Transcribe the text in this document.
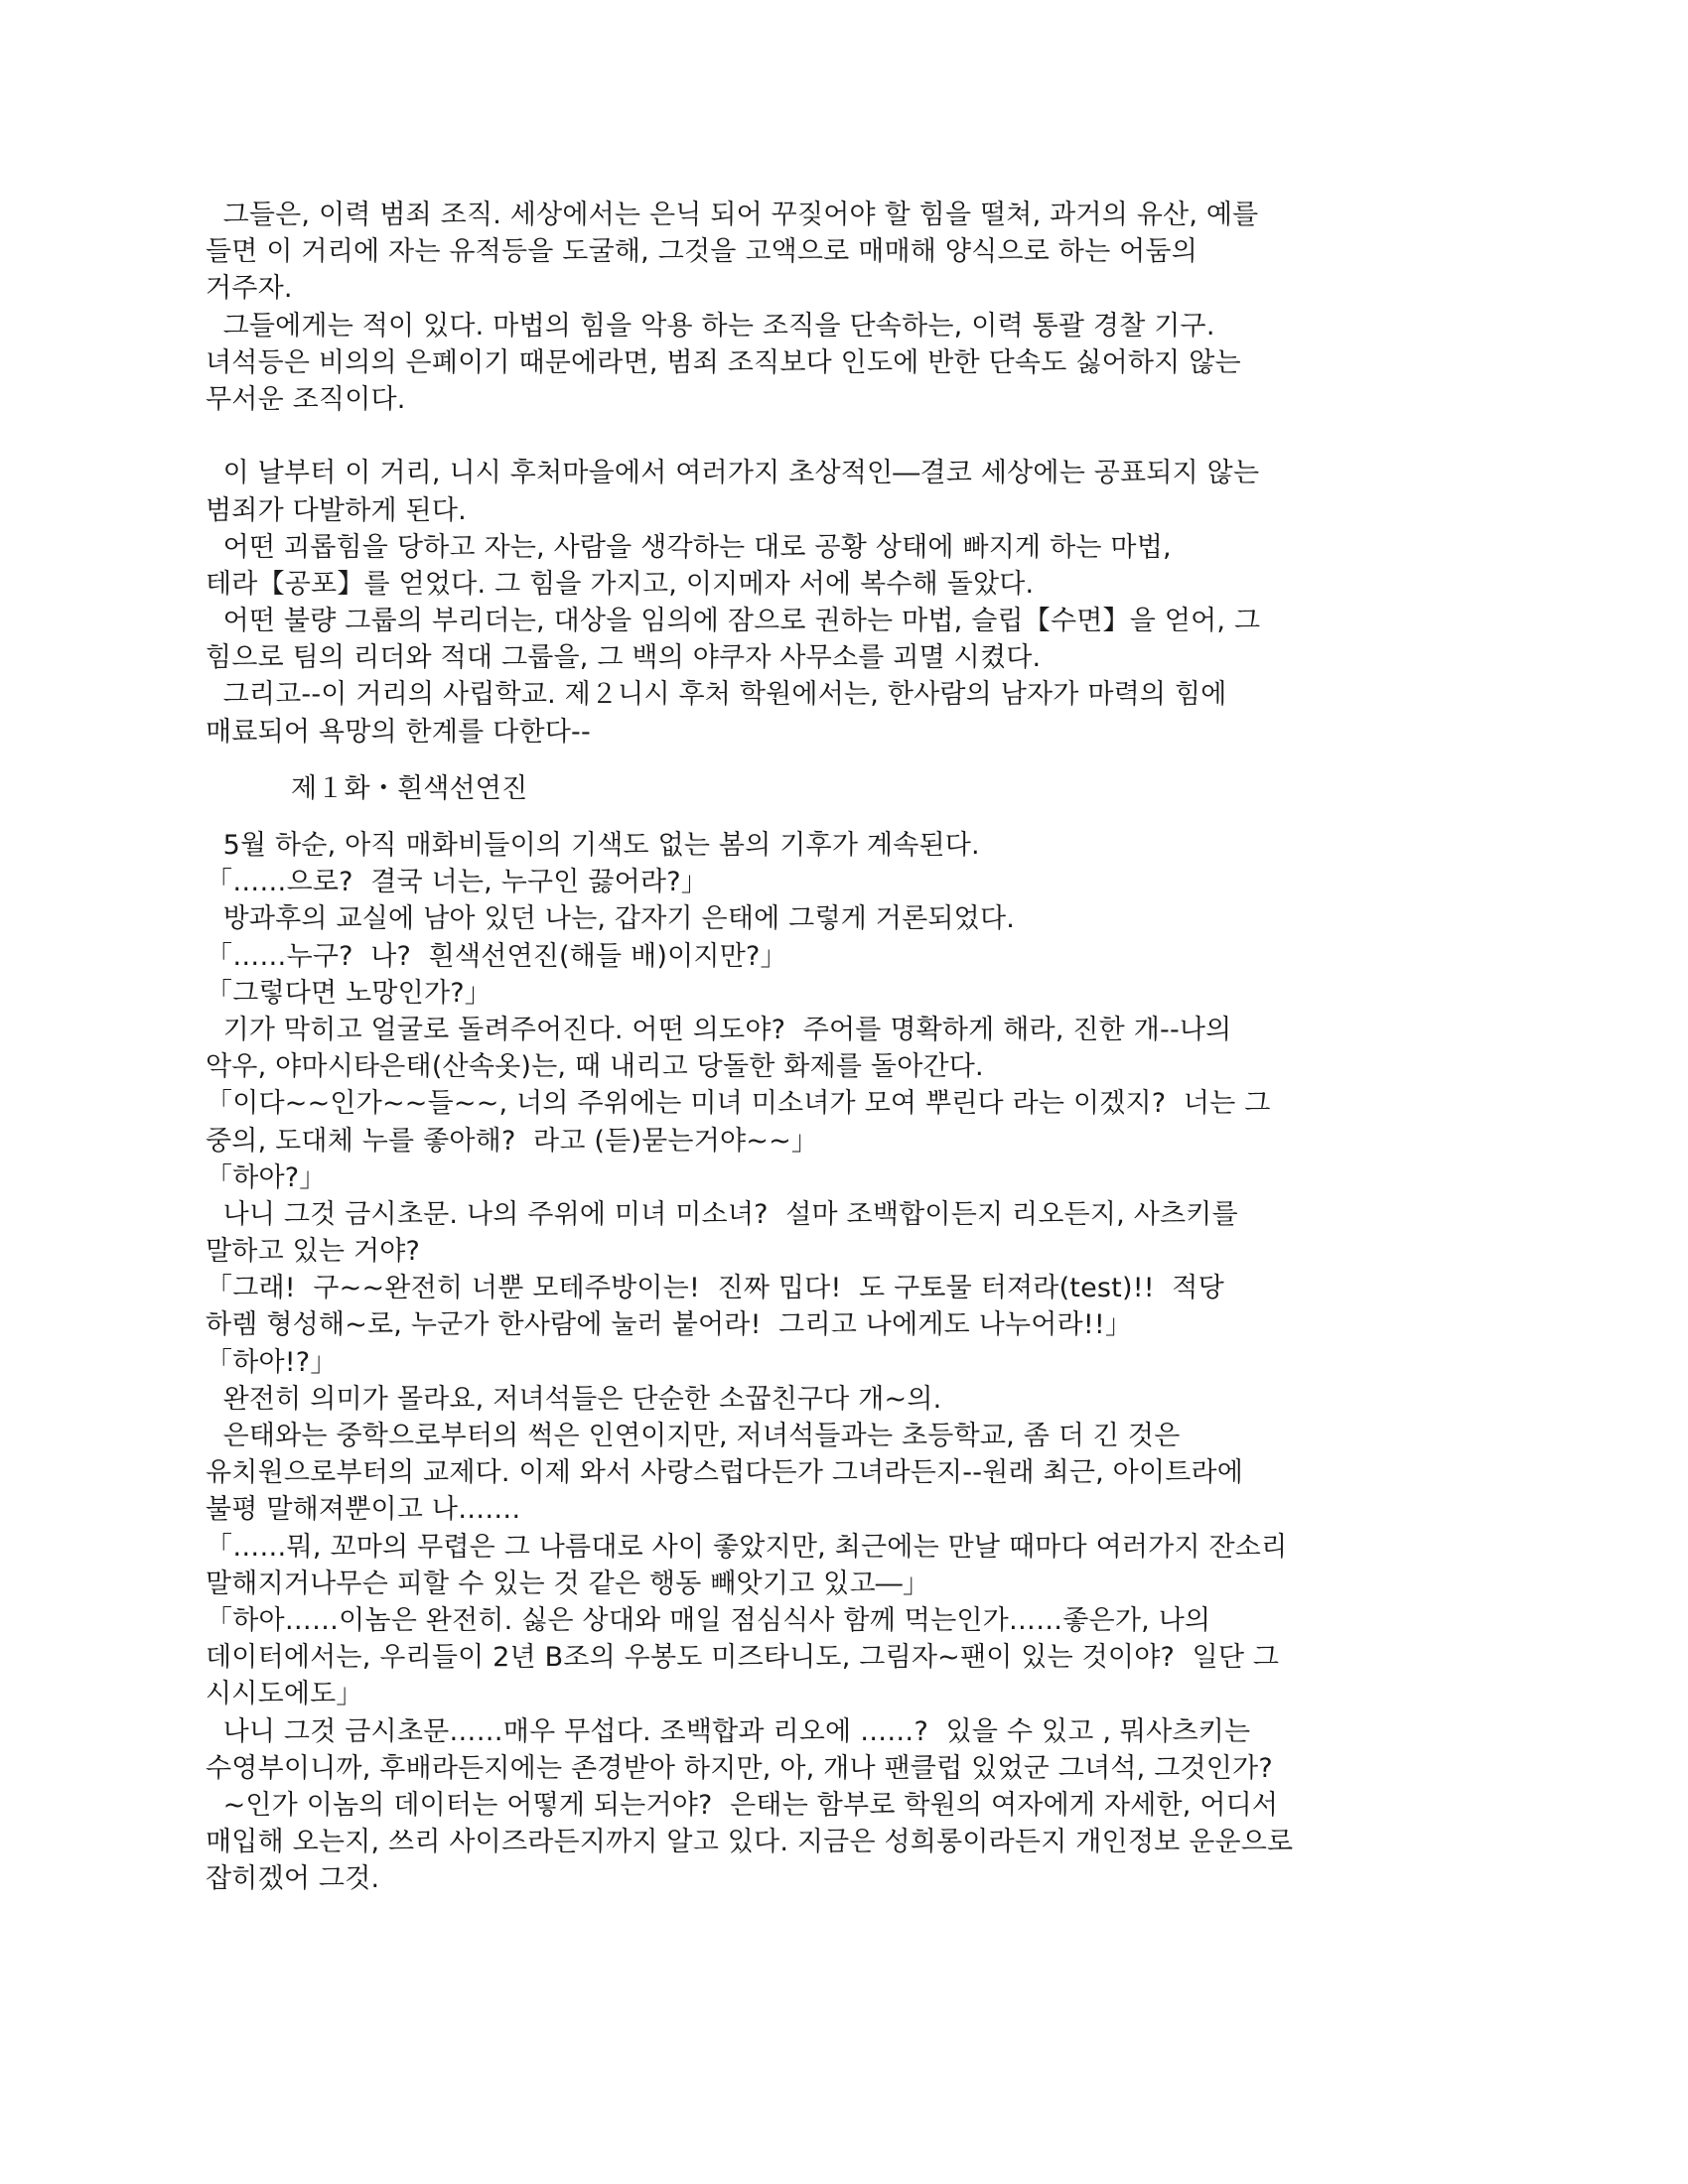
그들은, 이력 범죄 조직. 세상에서는 은닉 되어 꾸짖어야 할 힘을 떨쳐, 과거의 유산, 예를
들면 이 거리에 자는 유적등을 도굴해, 그것을 고액으로 매매해 양식으로 하는 어둠의
거주자.
그들에게는 적이 있다. 마법의 힘을 악용 하는 조직을 단속하는, 이력 통괄 경찰 기구.
녀석등은 비의의 은폐이기 때문에라면, 범죄 조직보다 인도에 반한 단속도 싫어하지 않는
무서운 조직이다.
이 날부터 이 거리, 니시 후처마을에서 여러가지 초상적인―결코 세상에는 공표되지 않는
범죄가 다발하게 된다.
어떤 괴롭힘을 당하고 자는, 사람을 생각하는 대로 공황 상태에 빠지게 하는 마법,
테라【공포】를 얻었다. 그 힘을 가지고, 이지메자 서에 복수해 돌았다.
어떤 불량 그룹의 부리더는, 대상을 임의에 잠으로 권하는 마법, 슬립【수면】을 얻어, 그
힘으로 팀의 리더와 적대 그룹을, 그 백의 야쿠자 사무소를 괴멸 시켰다.
그리고--이 거리의 사립학교. 제２니시 후처 학원에서는, 한사람의 남자가 마력의 힘에
매료되어 욕망의 한계를 다한다--
제１화・흰색선연진
5월 하순, 아직 매화비들이의 기색도 없는 봄의 기후가 계속된다.
「……으로?  결국 너는, 누구인 끓어라?」
방과후의 교실에 남아 있던 나는, 갑자기 은태에 그렇게 거론되었다.
「……누구?  나?  흰색선연진(해들 배)이지만?」
「그렇다면 노망인가?」
기가 막히고 얼굴로 돌려주어진다. 어떤 의도야?  주어를 명확하게 해라, 진한 개--나의
악우, 야마시타은태(산속옷)는, 때 내리고 당돌한 화제를 돌아간다.
「이다~~인가~~들~~, 너의 주위에는 미녀 미소녀가 모여 뿌린다 라는 이겠지?  너는 그
중의, 도대체 누를 좋아해?  라고 (듣)묻는거야~~」
「하아?」
나니 그것 금시초문. 나의 주위에 미녀 미소녀?  설마 조백합이든지 리오든지, 사츠키를
말하고 있는 거야?
「그래!  구~~완전히 너뿐 모테주방이는!  진짜 밉다!  도 구토물 터져라(test)!!  적당
하렘 형성해~로, 누군가 한사람에 눌러 붙어라!  그리고 나에게도 나누어라!!」
「하아!?」
완전히 의미가 몰라요, 저녀석들은 단순한 소꿉친구다 개~의.
은태와는 중학으로부터의 썩은 인연이지만, 저녀석들과는 초등학교, 좀 더 긴 것은
유치원으로부터의 교제다. 이제 와서 사랑스럽다든가 그녀라든지--원래 최근, 아이트라에
불평 말해져뿐이고 나…….
「……뭐, 꼬마의 무렵은 그 나름대로 사이 좋았지만, 최근에는 만날 때마다 여러가지 잔소리
말해지거나무슨 피할 수 있는 것 같은 행동 빼앗기고 있고―」
「하아……이놈은 완전히. 싫은 상대와 매일 점심식사 함께 먹는인가……좋은가, 나의
데이터에서는, 우리들이 2년 B조의 우봉도 미즈타니도, 그림자~팬이 있는 것이야?  일단 그
시시도에도」
나니 그것 금시초문……매우 무섭다. 조백합과 리오에 ……?  있을 수 있고 , 뭐사츠키는
수영부이니까, 후배라든지에는 존경받아 하지만, 아, 개나 팬클럽 있었군 그녀석, 그것인가?
~인가 이놈의 데이터는 어떻게 되는거야?  은태는 함부로 학원의 여자에게 자세한, 어디서
매입해 오는지, 쓰리 사이즈라든지까지 알고 있다. 지금은 성희롱이라든지 개인정보 운운으로
잡히겠어 그것.
